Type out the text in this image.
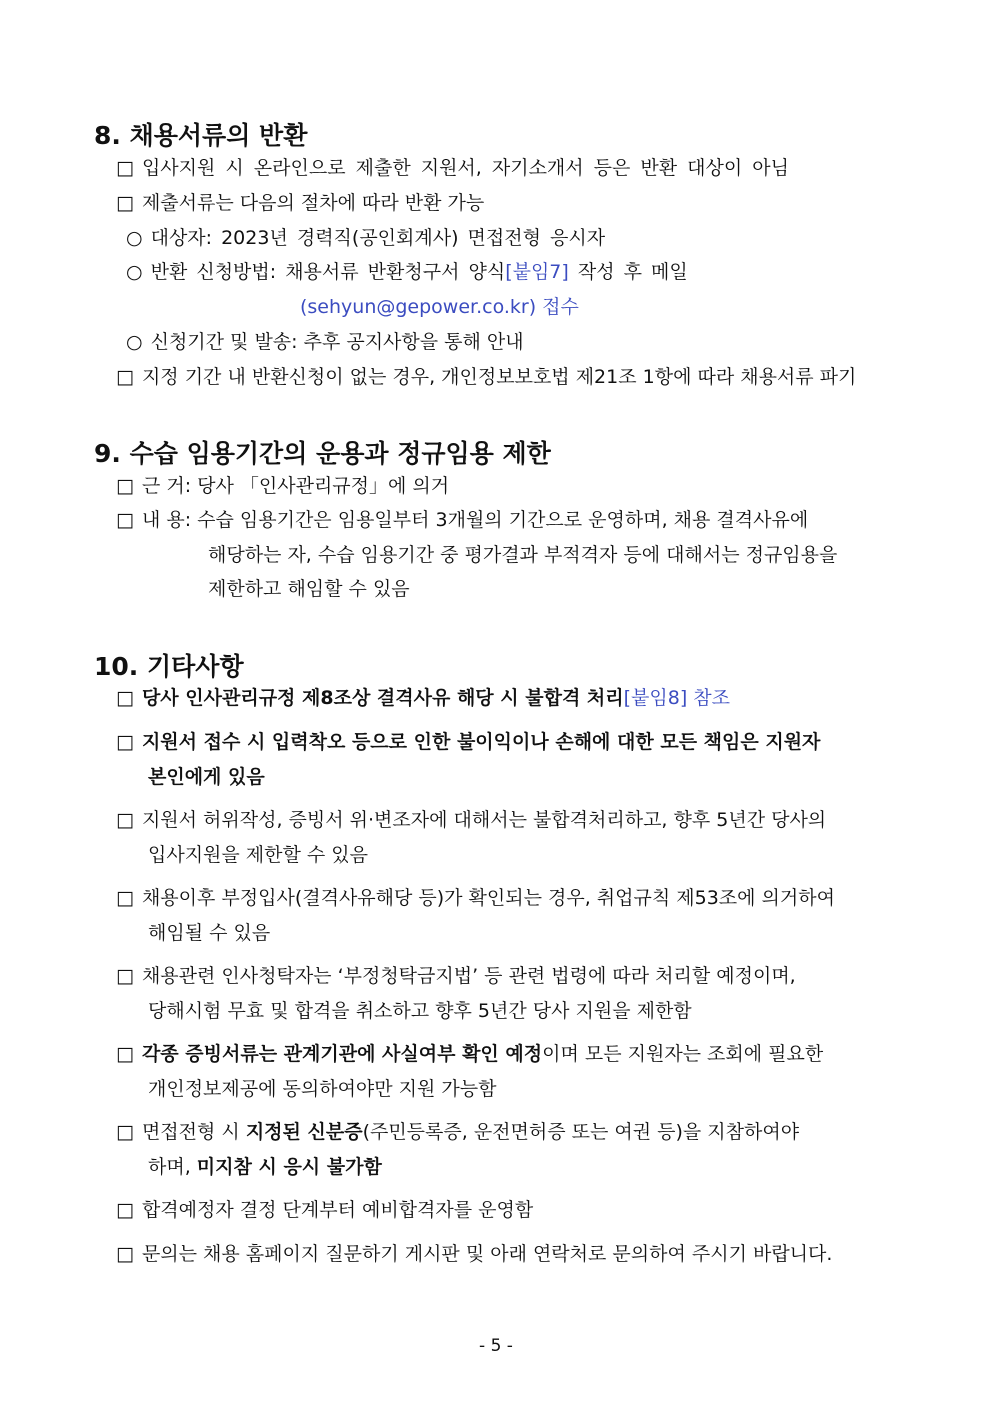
8. 채용서류의 반환
□ 입사지원 시 온라인으로 제출한 지원서, 자기소개서 등은 반환 대상이 아님
□ 제출서류는 다음의 절차에 따라 반환 가능
○ 대상자: 2023년 경력직(공인회계사) 면접전형 응시자
○ 반환 신청방법: 채용서류 반환청구서 양식[붙임7] 작성 후 메일
(sehyun@gepower.co.kr) 접수
○ 신청기간 및 발송: 추후 공지사항을 통해 안내
□ 지정 기간 내 반환신청이 없는 경우, 개인정보보호법 제21조 1항에 따라 채용서류 파기
9. 수습 임용기간의 운용과 정규임용 제한
□ 근 거: 당사 「인사관리규정」에 의거
□ 내 용: 수습 임용기간은 임용일부터 3개월의 기간으로 운영하며, 채용 결격사유에
해당하는 자, 수습 임용기간 중 평가결과 부적격자 등에 대해서는 정규임용을
제한하고 해임할 수 있음
10. 기타사항
□ 당사 인사관리규정 제8조상 결격사유 해당 시 불합격 처리[붙임8] 참조
□ 지원서 접수 시 입력착오 등으로 인한 불이익이나 손해에 대한 모든 책임은 지원자
본인에게 있음
□ 지원서 허위작성, 증빙서 위·변조자에 대해서는 불합격처리하고, 향후 5년간 당사의
입사지원을 제한할 수 있음
□ 채용이후 부정입사(결격사유해당 등)가 확인되는 경우, 취업규칙 제53조에 의거하여
해임될 수 있음
□ 채용관련 인사청탁자는 ‘부정청탁금지법’ 등 관련 법령에 따라 처리할 예정이며,
당해시험 무효 및 합격을 취소하고 향후 5년간 당사 지원을 제한함
□ 각종 증빙서류는 관계기관에 사실여부 확인 예정이며 모든 지원자는 조회에 필요한
개인정보제공에 동의하여야만 지원 가능함
□ 면접전형 시 지정된 신분증(주민등록증, 운전면허증 또는 여권 등)을 지참하여야
하며, 미지참 시 응시 불가함
□ 합격예정자 결정 단계부터 예비합격자를 운영함
□ 문의는 채용 홈페이지 질문하기 게시판 및 아래 연락처로 문의하여 주시기 바랍니다.
- 5 -
